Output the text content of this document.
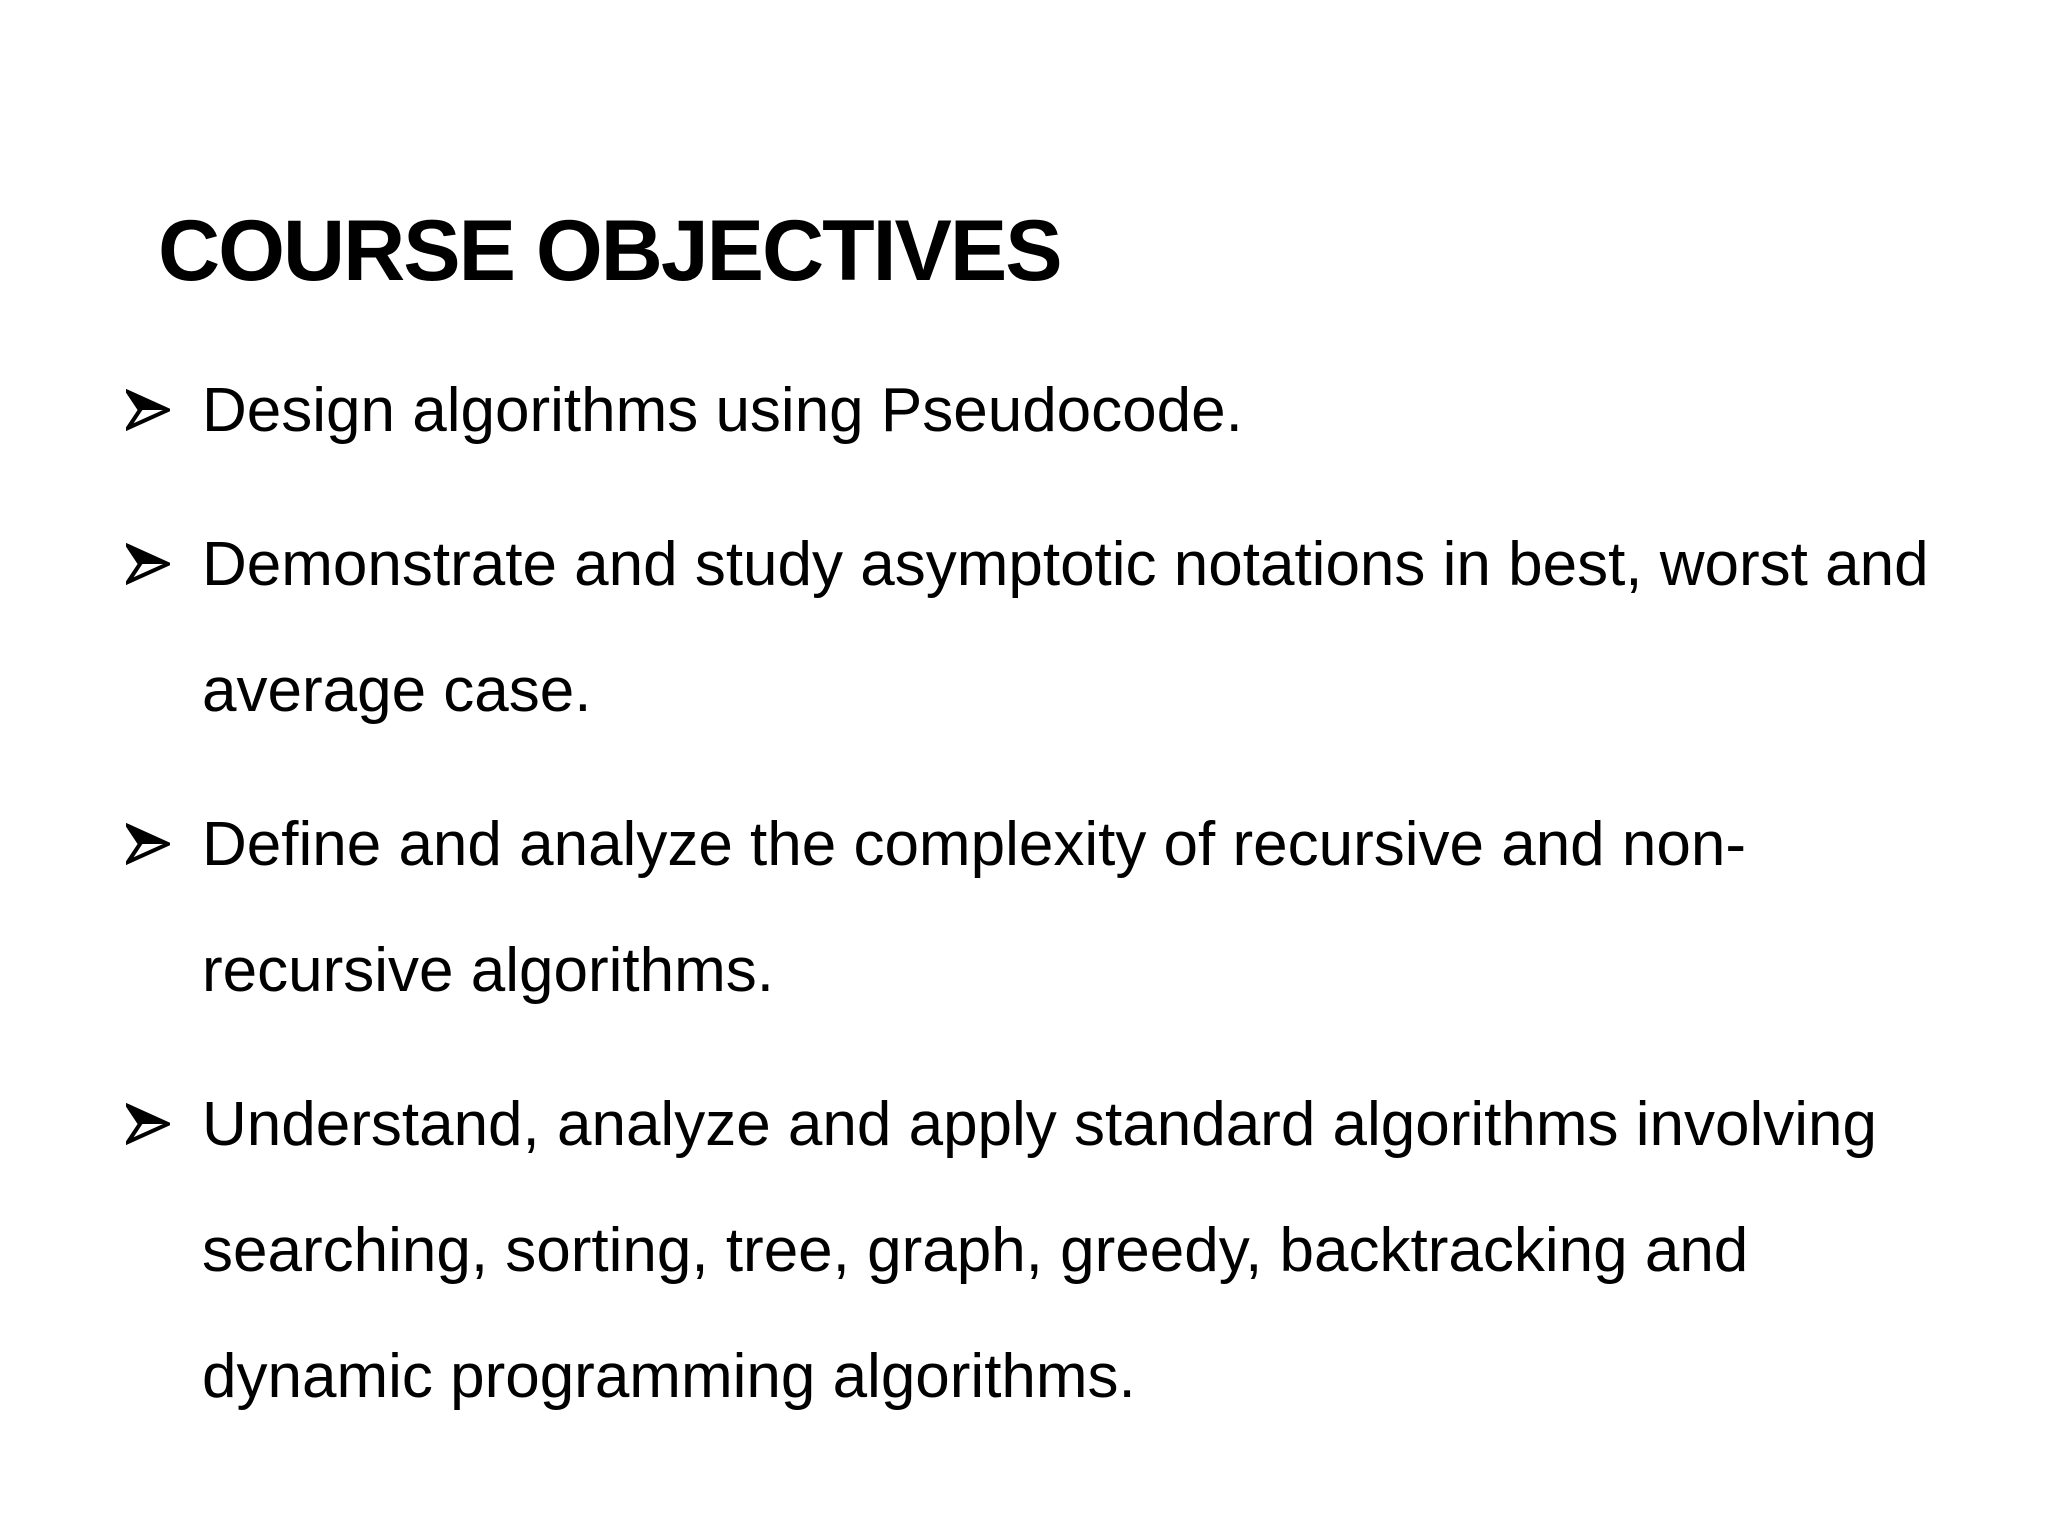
COURSE OBJECTIVES
Design algorithms using Pseudocode.
Demonstrate and study asymptotic notations in best, worst and average case.
Define and analyze the complexity of recursive and non-recursive algorithms.
Understand, analyze and apply standard algorithms involving searching, sorting, tree, graph, greedy, backtracking and dynamic programming algorithms.
